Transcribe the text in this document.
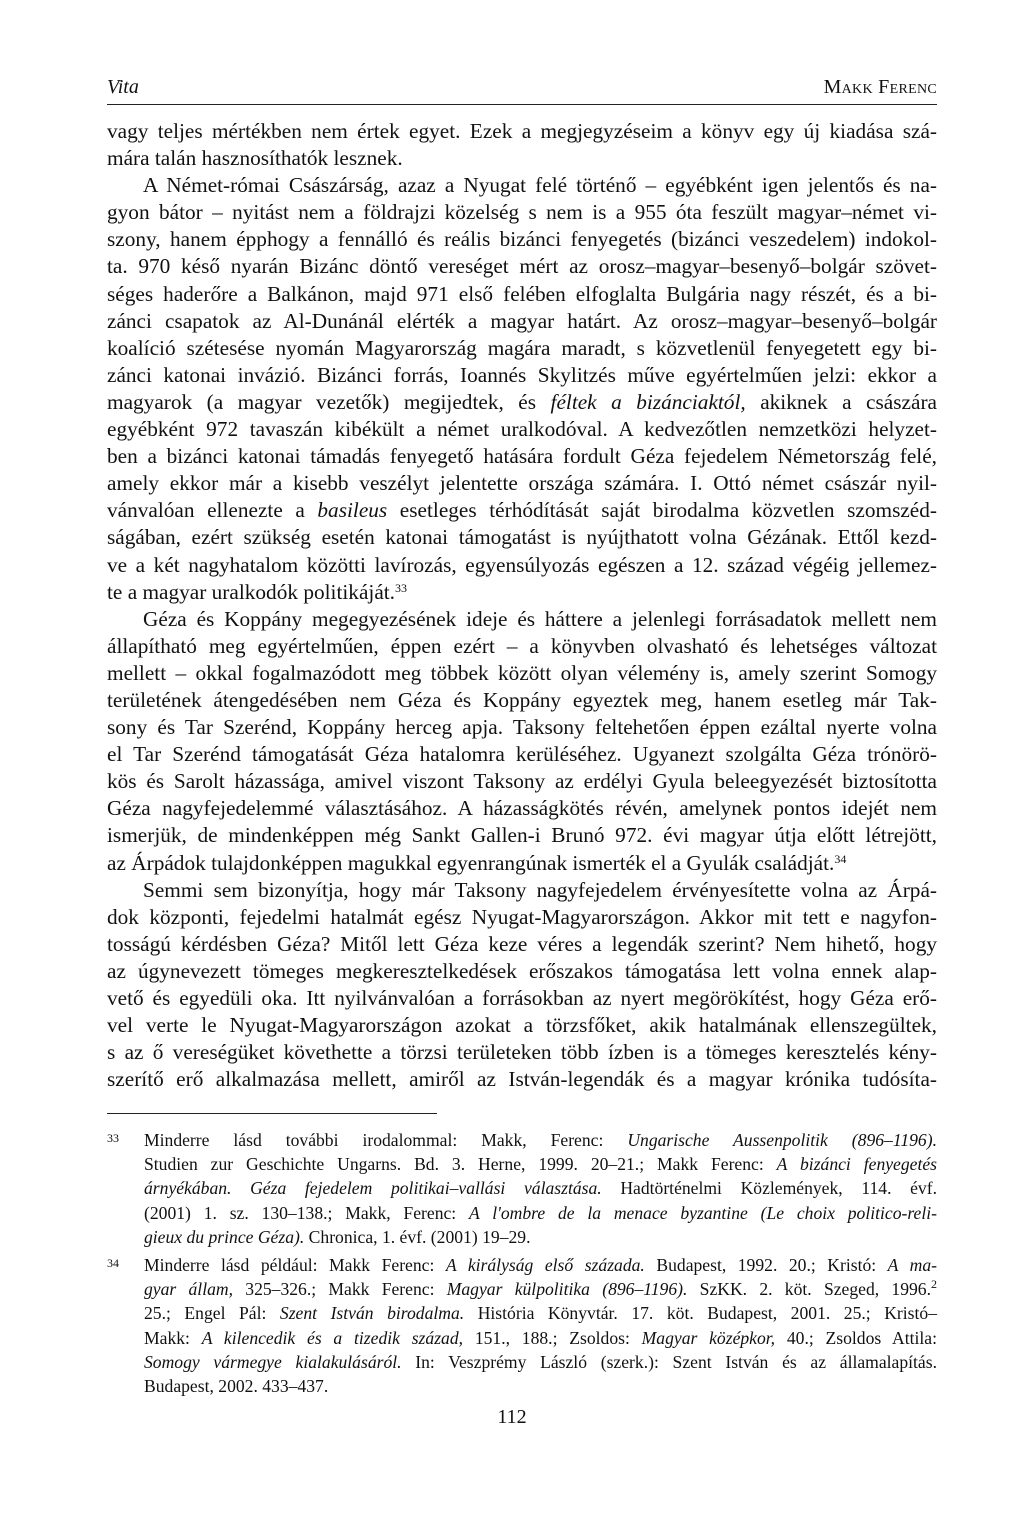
Vita	Makk Ferenc

vagy teljes mértékben nem értek egyet. Ezek a megjegyzéseim a könyv egy új kiadása szá-
mára talán hasznosíthatók lesznek.

A Német-római Császárság, azaz a Nyugat felé történő – egyébként igen jelentős és na-
gyon bátor – nyitást nem a földrajzi közelség s nem is a 955 óta feszült magyar–német vi-
szony, hanem épphogy a fennálló és reális bizánci fenyegetés (bizánci veszedelem) indokol-
ta. 970 késő nyarán Bizánc döntő vereséget mért az orosz–magyar–besenyő–bolgár szövet-
séges haderőre a Balkánon, majd 971 első felében elfoglalta Bulgária nagy részét, és a bi-
zánci csapatok az Al-Dunánál elérték a magyar határt. Az orosz–magyar–besenyő–bolgár
koalíció szétesése nyomán Magyarország magára maradt, s közvetlenül fenyegetett egy bi-
zánci katonai invázió. Bizánci forrás, Ioannés Skylitzés műve egyértelműen jelzi: ekkor a
magyarok (a magyar vezetők) megijedtek, és féltek a bizánciaktól, akiknek a császára
egyébként 972 tavaszán kibékült a német uralkodóval. A kedvezőtlen nemzetközi helyzet-
ben a bizánci katonai támadás fenyegető hatására fordult Géza fejedelem Németország felé,
amely ekkor már a kisebb veszélyt jelentette országa számára. I. Ottó német császár nyil-
vánvalóan ellenezte a basileus esetleges térhódítását saját birodalma közvetlen szomszéd-
ságában, ezért szükség esetén katonai támogatást is nyújthatott volna Gézának. Ettől kezd-
ve a két nagyhatalom közötti lavírozás, egyensúlyozás egészen a 12. század végéig jellemez-
te a magyar uralkodók politikáját.$^{33}$

Géza és Koppány megegyezésének ideje és háttere a jelenlegi forrásadatok mellett nem
állapítható meg egyértelműen, éppen ezért – a könyvben olvasható és lehetséges változat
mellett – okkal fogalmazódott meg többek között olyan vélemény is, amely szerint Somogy
területének átengedésében nem Géza és Koppány egyeztek meg, hanem esetleg már Tak-
sony és Tar Szerénd, Koppány herceg apja. Taksony feltehetően éppen ezáltal nyerte volna
el Tar Szerénd támogatását Géza hatalomra kerüléséhez. Ugyanezt szolgálta Géza trónörö-
kös és Sarolt házassága, amivel viszont Taksony az erdélyi Gyula beleegyezését biztosította
Géza nagyfejedelemmé választásához. A házasságkötés révén, amelynek pontos idejét nem
ismerjük, de mindenképpen még Sankt Gallen-i Brunó 972. évi magyar útja előtt létrejött,
az Árpádok tulajdonképpen magukkal egyenrangúnak ismerték el a Gyulák családját.$^{34}$

Semmi sem bizonyítja, hogy már Taksony nagyfejedelem érvényesítette volna az Árpá-
dok központi, fejedelmi hatalmát egész Nyugat-Magyarországon. Akkor mit tett e nagyfon-
tosságú kérdésben Géza? Mitől lett Géza keze véres a legendák szerint? Nem hihető, hogy
az úgynevezett tömeges megkeresztelkedések erőszakos támogatása lett volna ennek alap-
vető és egyedüli oka. Itt nyilvánvalóan a forrásokban az nyert megörökítést, hogy Géza erő-
vel verte le Nyugat-Magyarországon azokat a törzsfőket, akik hatalmának ellenszegültek,
s az ő vereségüket követhette a törzsi területeken több ízben is a tömeges keresztelés kény-
szerítő erő alkalmazása mellett, amiről az István-legendák és a magyar krónika tudósíta-

33 Minderre lásd további irodalommal: Makk, Ferenc: Ungarische Aussenpolitik (896–1196).
Studien zur Geschichte Ungarns. Bd. 3. Herne, 1999. 20–21.; Makk Ferenc: A bizánci fenyegetés
árnyékában. Géza fejedelem politikai–vallási választása. Hadtörténelmi Közlemények, 114. évf.
(2001) 1. sz. 130–138.; Makk, Ferenc: A l'ombre de la menace byzantine (Le choix politico-reli-
gieux du prince Géza). Chronica, 1. évf. (2001) 19–29.
34 Minderre lásd például: Makk Ferenc: A királyság első százada. Budapest, 1992. 20.; Kristó: A ma-
gyar állam, 325–326.; Makk Ferenc: Magyar külpolitika (896–1196). SzKK. 2. köt. Szeged, 1996.$^2$
25.; Engel Pál: Szent István birodalma. História Könyvtár. 17. köt. Budapest, 2001. 25.; Kristó–
Makk: A kilencedik és a tizedik század, 151., 188.; Zsoldos: Magyar középkor, 40.; Zsoldos Attila:
Somogy vármegye kialakulásáról. In: Veszprémy László (szerk.): Szent István és az államalapítás.
Budapest, 2002. 433–437.
112
